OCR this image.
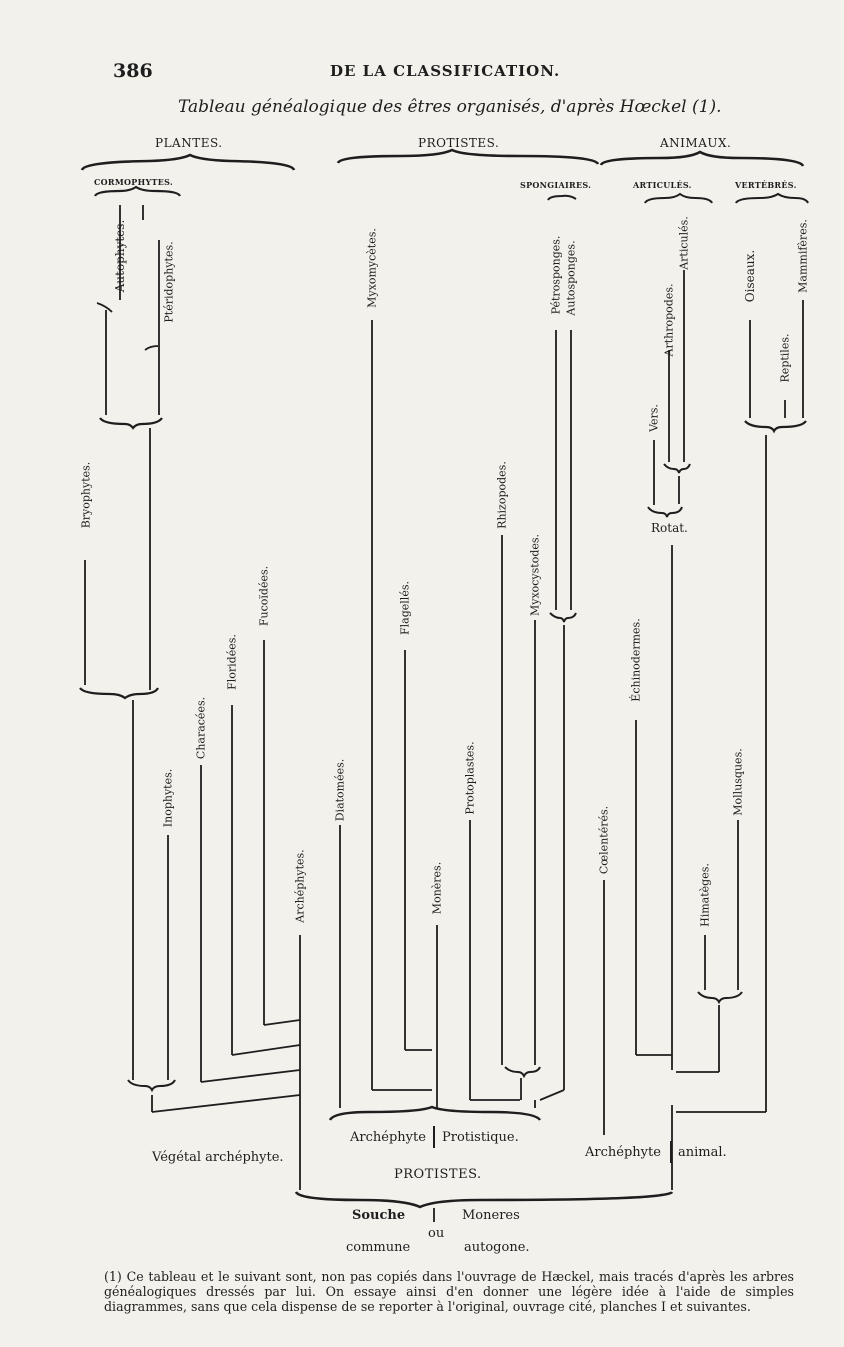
386	DE LA CLASSIFICATION.
Tableau généalogique des êtres organisés, d'après Hœckel (1).
PLANTES.	PROTISTES.	ANIMAUX.
CORMOPHYTES.	SPONGIAIRES.	ARTICULÉS.	VERTÉBRÉS.
Autophytes.	Ptéridophytes.
Bryophytes.
Inophytes.
Characées.
Floridées.
Fucoïdées.
Archéphytes.
Myxomycètes.
Diatomées.
Flagellés.
Monères.
Protoplastes.
Rhizopodes.
Myxocystodes.
Pétrosponges. Autosponges.
Vers.
Arthropodes.
Articulés.
Rotat.
Échinodermes.
Cœlentérés.
Himatèges.
Mollusques.
Oiseaux.
Reptiles.
Mammifères.
Végétal archéphyte.
Archéphyte Protistique.
Archéphyte animal.
PROTISTES.
Souche
ou
Moneres
commune	autogone.
(1) Ce tableau et le suivant sont, non pas copiés dans l'ouvrage de Hæckel, mais tracés d'après les arbres généalogiques dressés par lui. On essaye ainsi d'en donner une légère idée à l'aide de simples diagrammes, sans que cela dispense de se reporter à l'original, ouvrage cité, planches I et suivantes.
